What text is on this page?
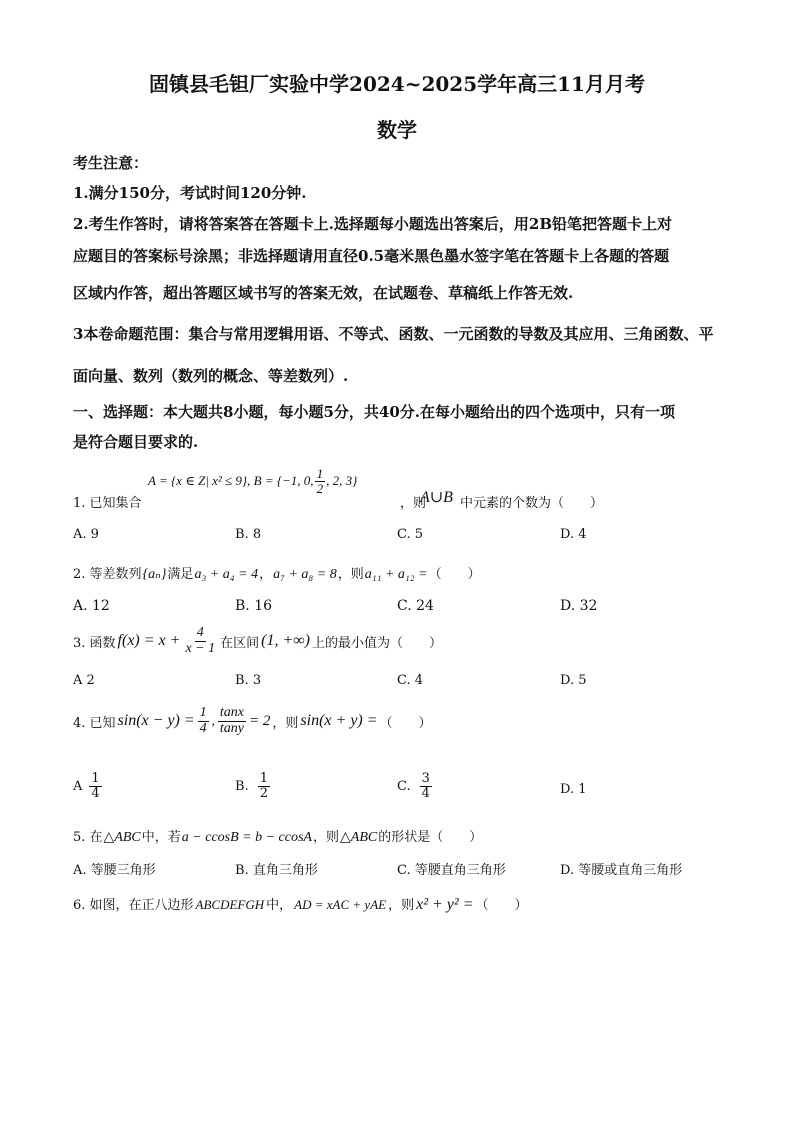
固镇县毛钽厂实验中学2024~2025学年高三11月月考
数学
考生注意：
1.满分150分，考试时间120分钟.
2.考生作答时，请将答案答在答题卡上.选择题每小题选出答案后，用2B铅笔把答题卡上对
应题目的答案标号涂黑；非选择题请用直径0.5毫米黑色墨水签字笔在答题卡上各题的答题
区域内作答，超出答题区域书写的答案无效，在试题卷、草稿纸上作答无效.
3本卷命题范围：集合与常用逻辑用语、不等式、函数、一元函数的导数及其应用、三角函数、平
面向量、数列（数列的概念、等差数列）.
一、选择题：本大题共8小题，每小题5分，共40分.在每小题给出的四个选项中，只有一项
是符合题目要求的.
1. 已知集合
A = {x ∈ Z| x² ≤ 9}, B = {−1, 0, $\frac{1}{2}$ , 2, 3}
，则
A∪B 中元素的个数为（　　）
A. 9	B. 8	C. 5	D. 4
2. 等差数列 {aₙ} 满足 a₃ + a₄ = 4 ， a₇ + a₈ = 8 ，则 a₁₁ + a₁₂ = （　　）
A. 12	B. 16	C. 24	D. 32
3. 函数 $f(x) = x + \frac{4}{x - 1}$ 在区间 (1, +∞) 上的最小值为（　　）
A 2	B. 3	C. 4	D. 5
4. 已知 $\sin(x - y) = \frac{1}{4}$ , $\frac{\tan x}{\tan y} = 2$ ，则 sin(x + y) = （　　）
A $\frac{1}{4}$	B. $\frac{1}{2}$	C. $\frac{3}{4}$	D. 1
5. 在 △ABC 中，若 a − ccosB = b − ccosA ，则 △ABC 的形状是（　　）
A. 等腰三角形	B. 直角三角形	C. 等腰直角三角形	D. 等腰或直角三角形
6. 如图，在正八边形 ABCDEFGH 中， AD = xAC + yAE ，则 x² + y² = （　　）
